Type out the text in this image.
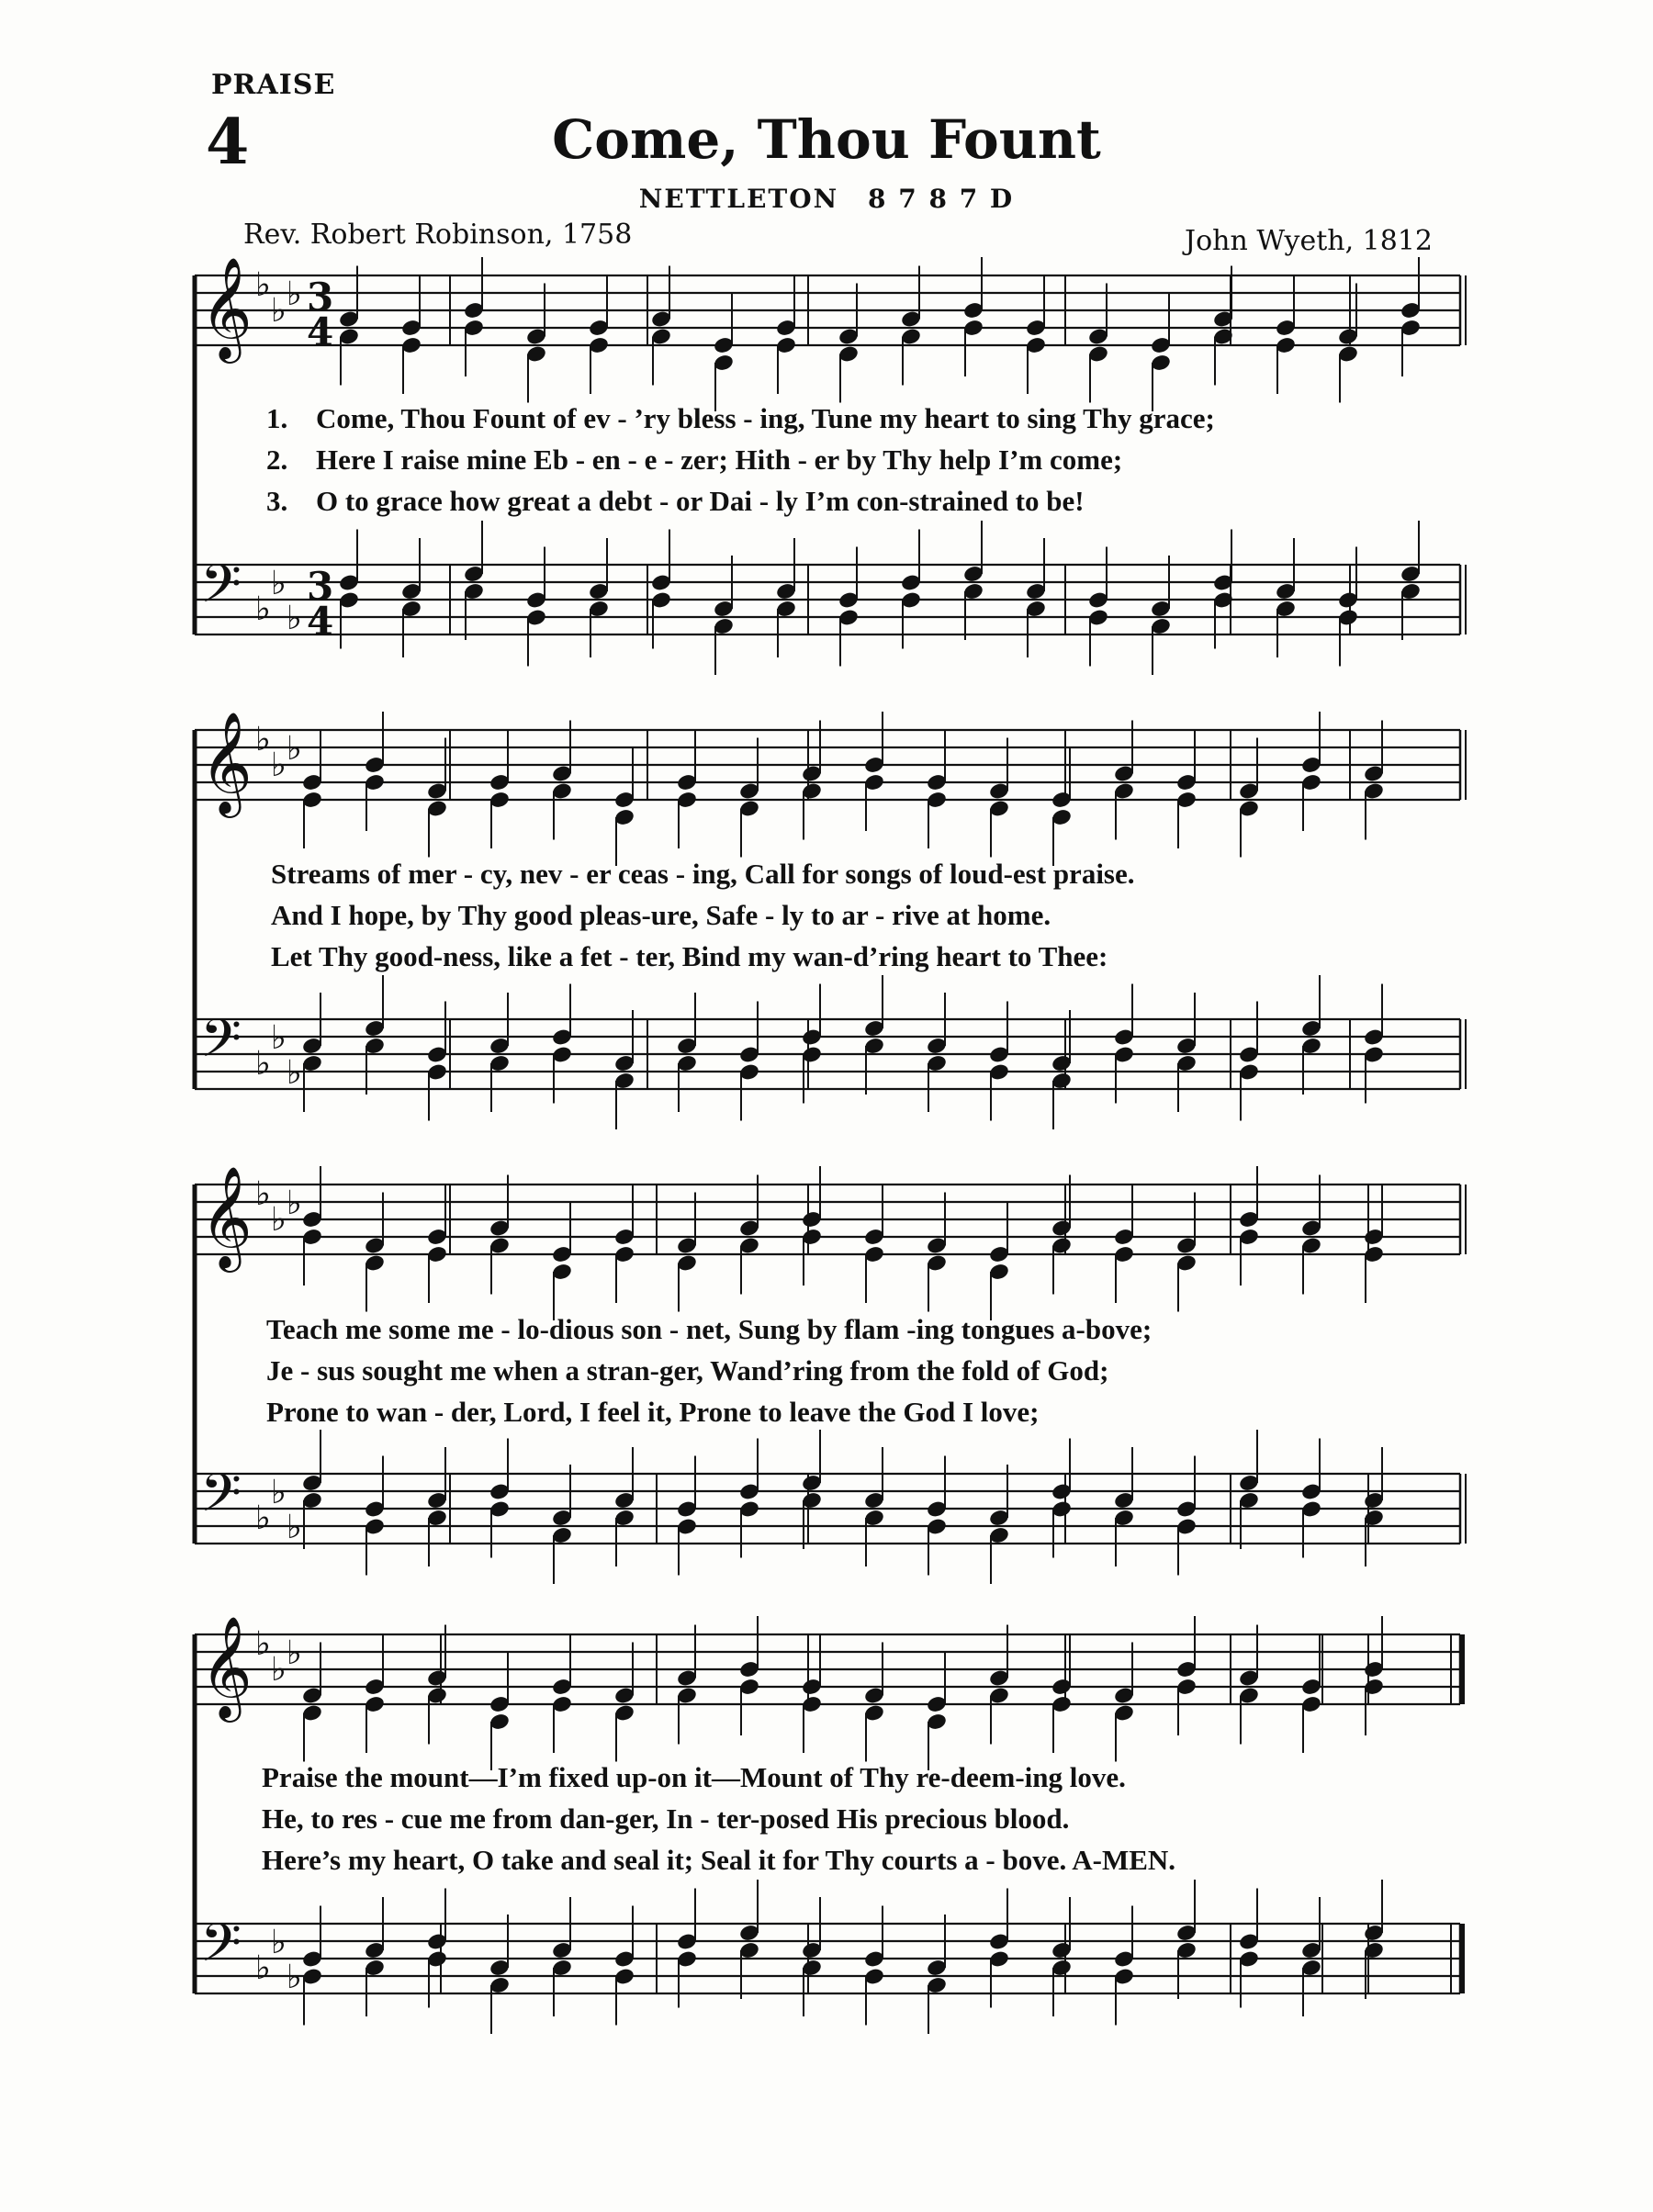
PRAISE
4	Come, Thou Fount
NETTLETON 8 7 8 7 D
Rev. Robert Robinson, 1758	John Wyeth, 1812
𝄞 ♭
♭ ♭ 3
4
𝄢 ♭
♭
♭
3
4
𝄞 ♭
♭ ♭
𝄢 ♭
♭
♭
𝄞 ♭
♭ ♭
𝄢 ♭
♭
♭
𝄞 ♭
♭ ♭
𝄢 ♭
♭
♭
1. Come, Thou Fount of ev - ’ry bless - ing, Tune my heart to sing Thy grace;
2. Here I raise mine Eb - en - e - zer; Hith - er by Thy help I’m come;
3. O to grace how great a debt - or Dai - ly I’m con-strained to be!
Streams of mer - cy, nev - er ceas - ing, Call for songs of loud-est praise.
And I hope, by Thy good pleas-ure, Safe - ly to ar - rive at home.
Let Thy good-ness, like a fet - ter, Bind my wan-d’ring heart to Thee:
Teach me some me - lo-dious son - net, Sung by flam -ing tongues a-bove;
Je - sus sought me when a stran-ger, Wand’ring from the fold of God;
Prone to wan - der, Lord, I feel it, Prone to leave the God I love;
Praise the mount—I’m fixed up-on it—Mount of Thy re-deem-ing love.
He, to res - cue me from dan-ger, In - ter-posed His precious blood.
Here’s my heart, O take and seal it; Seal it for Thy courts a - bove. A-MEN.
